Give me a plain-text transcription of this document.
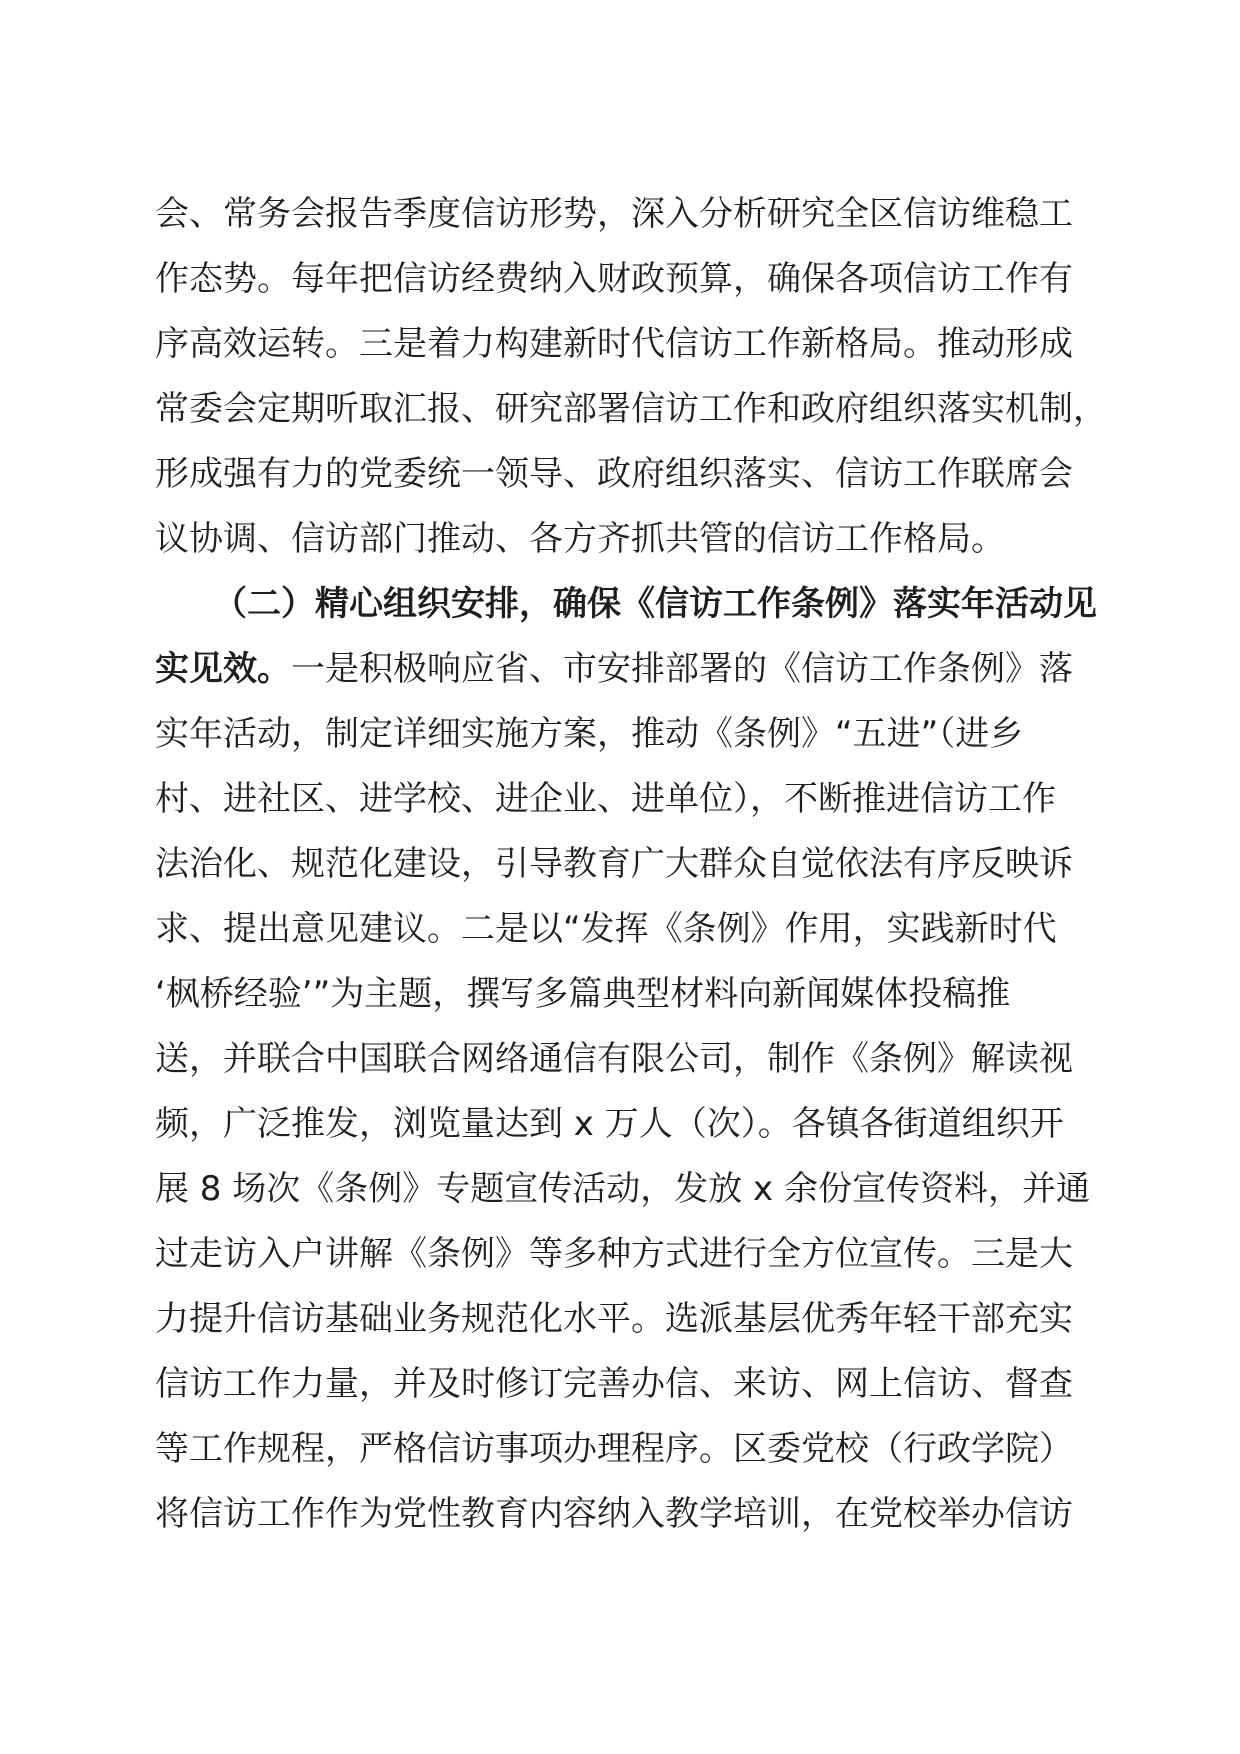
会、常务会报告季度信访形势，深入分析研究全区信访维稳工
作态势。每年把信访经费纳入财政预算，确保各项信访工作有
序高效运转。三是着力构建新时代信访工作新格局。推动形成
常委会定期听取汇报、研究部署信访工作和政府组织落实机制，
形成强有力的党委统一领导、政府组织落实、信访工作联席会
议协调、信访部门推动、各方齐抓共管的信访工作格局。
（二）精心组织安排，确保《信访工作条例》落实年活动见
实见效。一是积极响应省、市安排部署的《信访工作条例》落
实年活动，制定详细实施方案，推动《条例》“五进”（进乡
村、进社区、进学校、进企业、进单位），不断推进信访工作
法治化、规范化建设，引导教育广大群众自觉依法有序反映诉
求、提出意见建议。二是以“发挥《条例》作用，实践新时代
‘枫桥经验’”为主题，撰写多篇典型材料向新闻媒体投稿推
送，并联合中国联合网络通信有限公司，制作《条例》解读视
频，广泛推发，浏览量达到 x 万人（次）。各镇各街道组织开
展 8 场次《条例》专题宣传活动，发放 x 余份宣传资料，并通
过走访入户讲解《条例》等多种方式进行全方位宣传。三是大
力提升信访基础业务规范化水平。选派基层优秀年轻干部充实
信访工作力量，并及时修订完善办信、来访、网上信访、督查
等工作规程，严格信访事项办理程序。区委党校（行政学院）
将信访工作作为党性教育内容纳入教学培训，在党校举办信访
